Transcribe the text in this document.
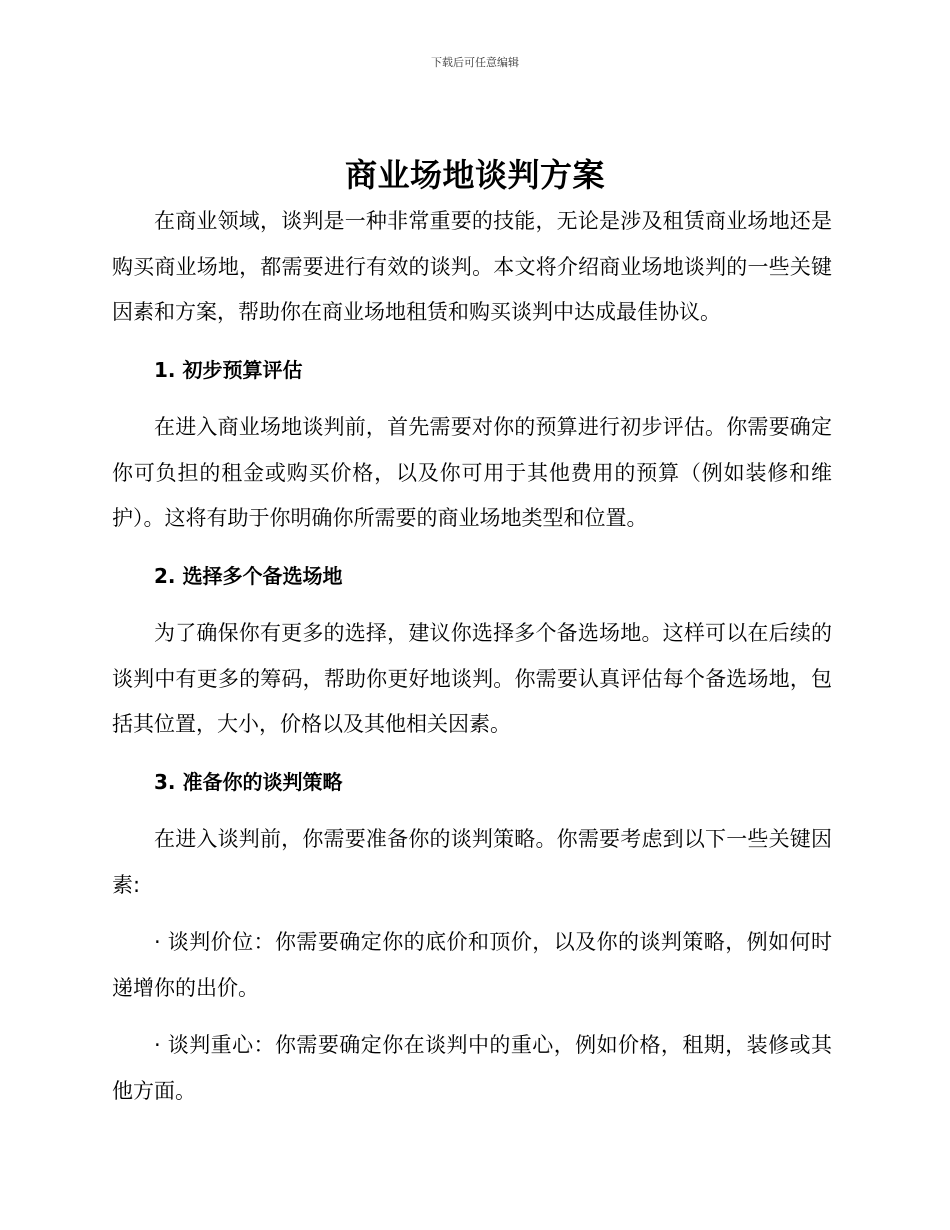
下载后可任意编辑
商业场地谈判方案

在商业领域，谈判是一种非常重要的技能，无论是涉及租赁商业场地还是购买商业场地，都需要进行有效的谈判。本文将介绍商业场地谈判的一些关键因素和方案，帮助你在商业场地租赁和购买谈判中达成最佳协议。

1. 初步预算评估

在进入商业场地谈判前，首先需要对你的预算进行初步评估。你需要确定你可负担的租金或购买价格，以及你可用于其他费用的预算（例如装修和维护）。这将有助于你明确你所需要的商业场地类型和位置。

2. 选择多个备选场地

为了确保你有更多的选择，建议你选择多个备选场地。这样可以在后续的谈判中有更多的筹码，帮助你更好地谈判。你需要认真评估每个备选场地，包括其位置，大小，价格以及其他相关因素。

3. 准备你的谈判策略

在进入谈判前，你需要准备你的谈判策略。你需要考虑到以下一些关键因素:

· 谈判价位：你需要确定你的底价和顶价，以及你的谈判策略，例如何时递增你的出价。

· 谈判重心：你需要确定你在谈判中的重心，例如价格，租期，装修或其他方面。
